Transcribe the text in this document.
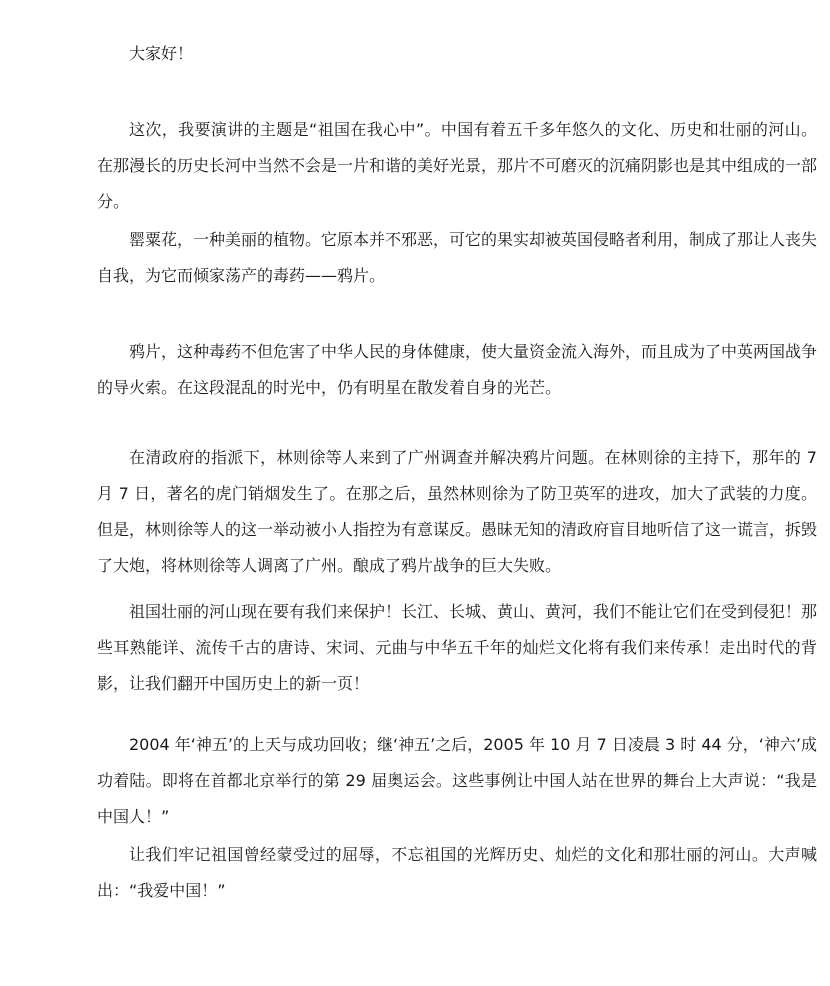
大家好！

这次，我要演讲的主题是“祖国在我心中”。中国有着五千多年悠久的文化、历史和壮丽的河山。在那漫长的历史长河中当然不会是一片和谐的美好光景，那片不可磨灭的沉痛阴影也是其中组成的一部分。

罂粟花，一种美丽的植物。它原本并不邪恶，可它的果实却被英国侵略者利用，制成了那让人丧失自我，为它而倾家荡产的毒药——鸦片。

鸦片，这种毒药不但危害了中华人民的身体健康，使大量资金流入海外，而且成为了中英两国战争的导火索。在这段混乱的时光中，仍有明星在散发着自身的光芒。

在清政府的指派下，林则徐等人来到了广州调查并解决鸦片问题。在林则徐的主持下，那年的 7 月 7 日，著名的虎门销烟发生了。在那之后，虽然林则徐为了防卫英军的进攻，加大了武装的力度。但是，林则徐等人的这一举动被小人指控为有意谋反。愚昧无知的清政府盲目地听信了这一谎言，拆毁了大炮，将林则徐等人调离了广州。酿成了鸦片战争的巨大失败。

祖国壮丽的河山现在要有我们来保护！长江、长城、黄山、黄河，我们不能让它们在受到侵犯！那些耳熟能详、流传千古的唐诗、宋词、元曲与中华五千年的灿烂文化将有我们来传承！走出时代的背影，让我们翻开中国历史上的新一页！

2004 年‘神五’的上天与成功回收；继‘神五’之后，2005 年 10 月 7 日凌晨 3 时 44 分，‘神六’成功着陆。即将在首都北京举行的第 29 届奥运会。这些事例让中国人站在世界的舞台上大声说：“我是中国人！”

让我们牢记祖国曾经蒙受过的屈辱，不忘祖国的光辉历史、灿烂的文化和那壮丽的河山。大声喊出：“我爱中国！”
